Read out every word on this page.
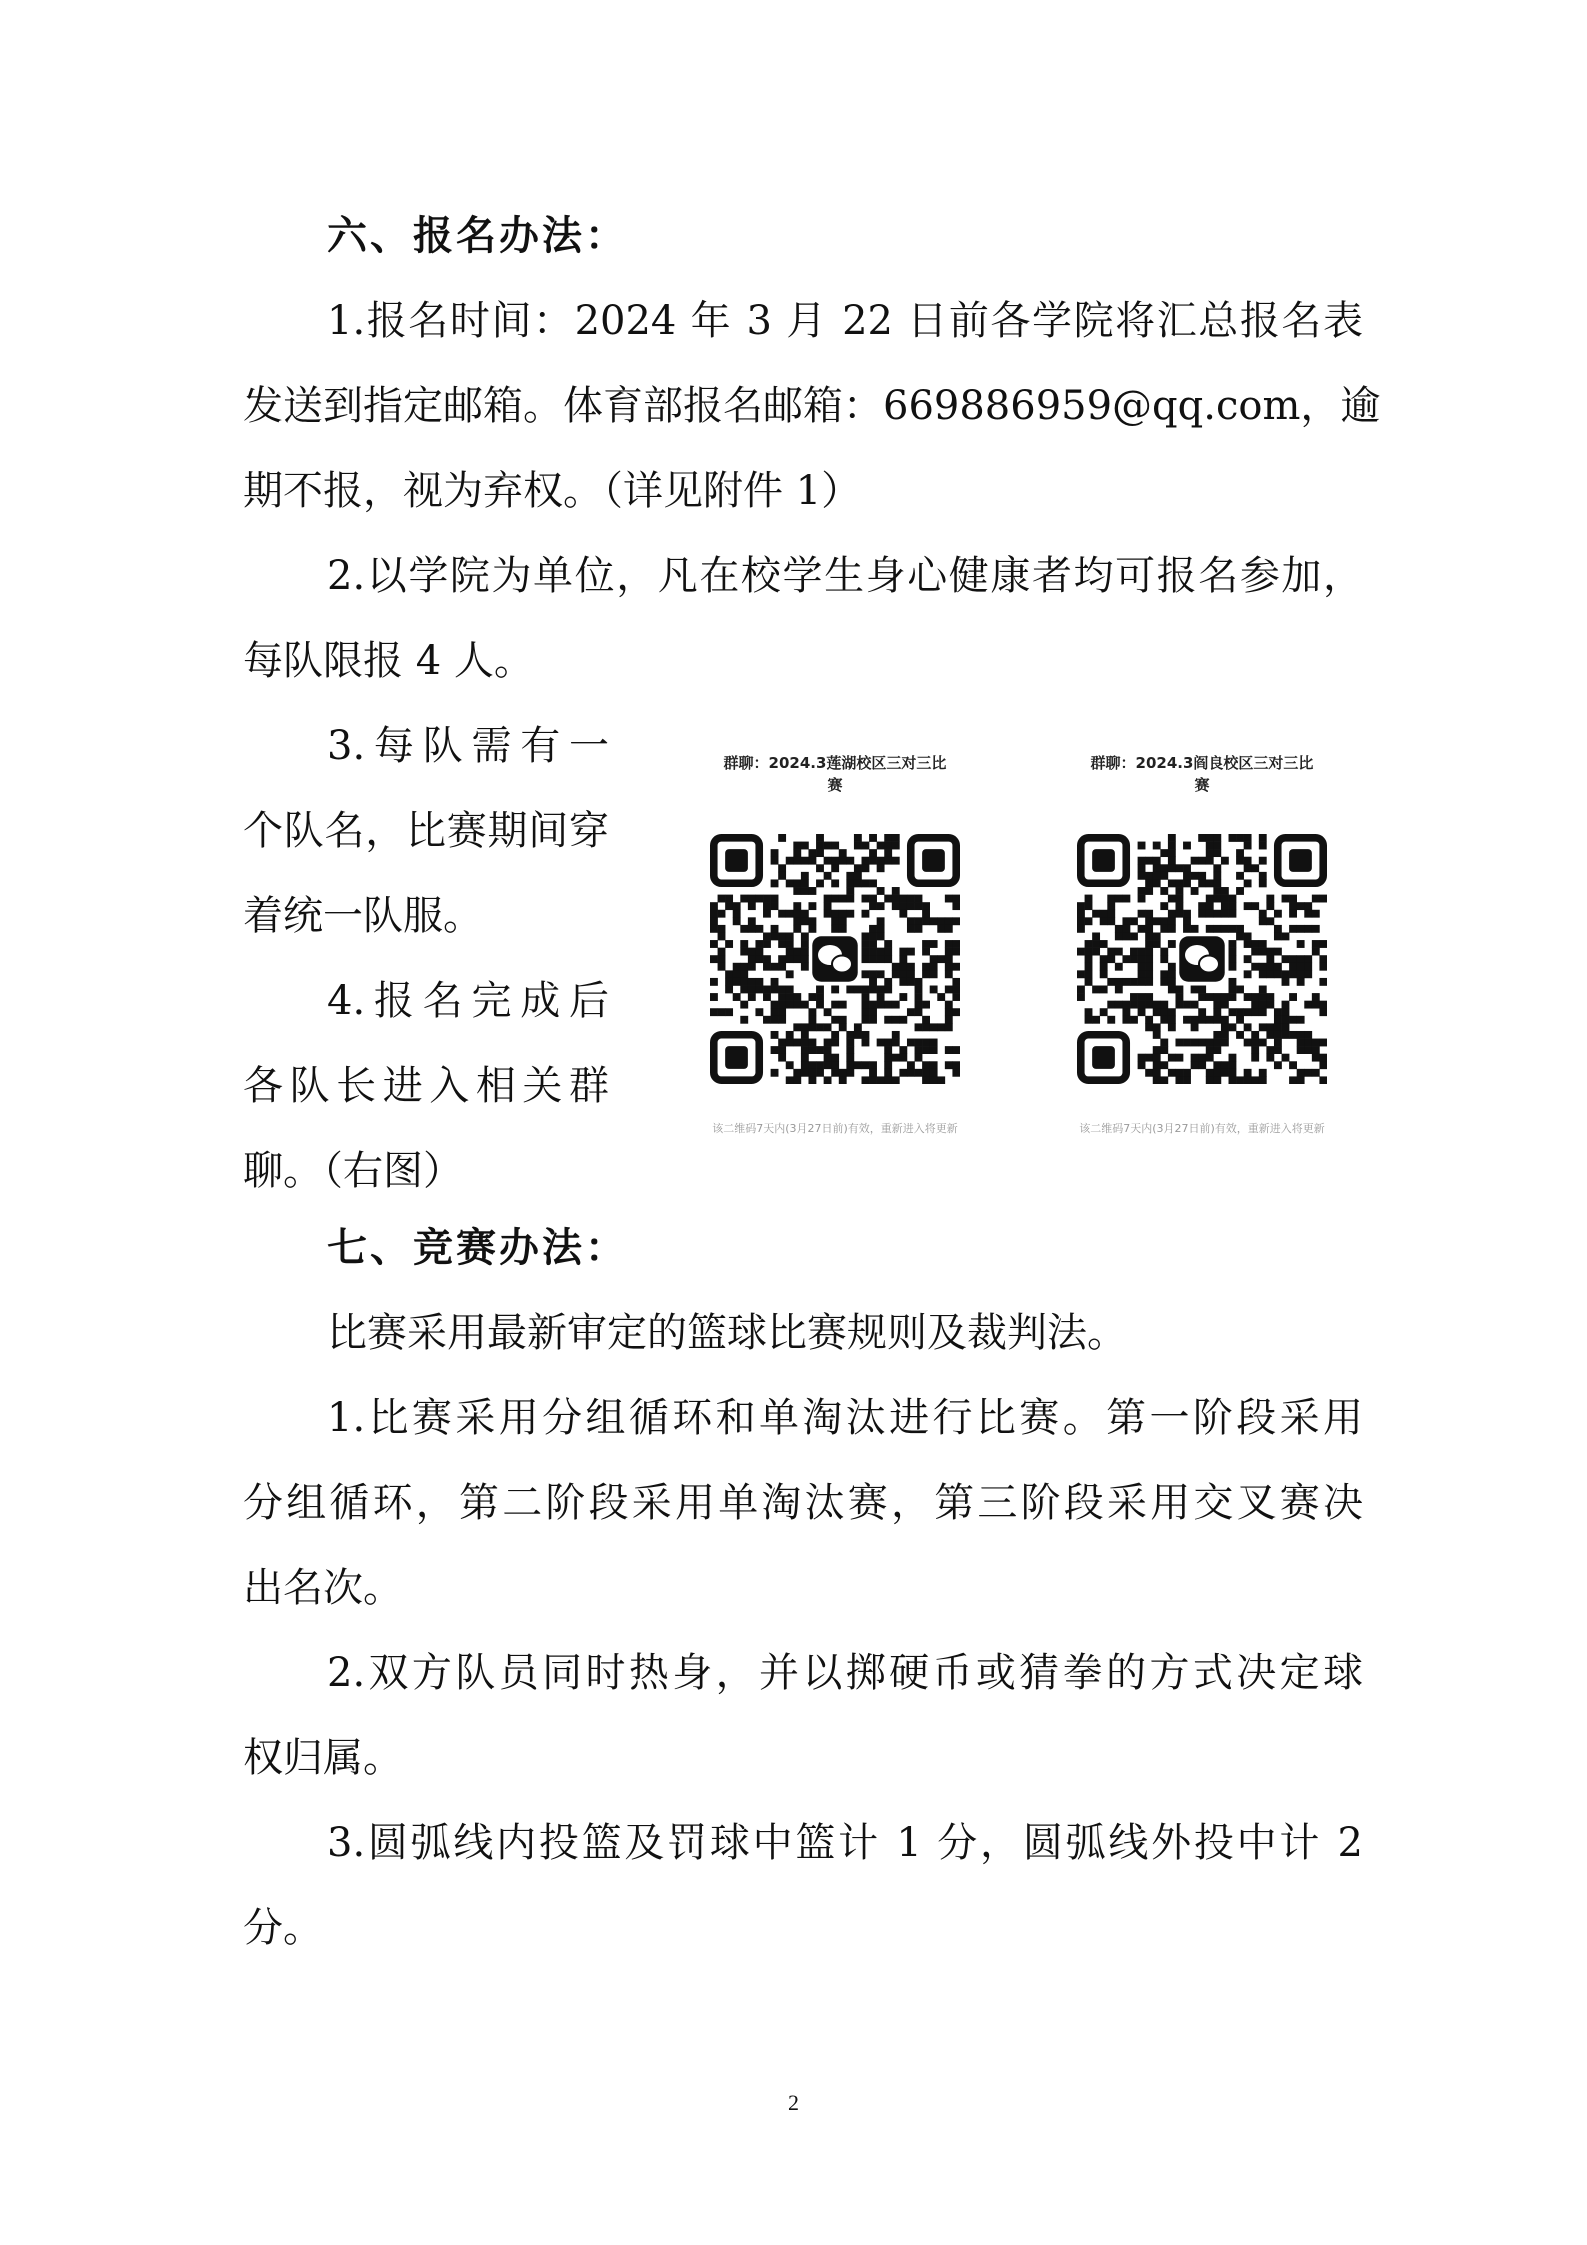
六、报名办法：
1.报名时间：2024 年 3 月 22 日前各学院将汇总报名表
发送到指定邮箱。体育部报名邮箱：669886959@qq.com，逾
期不报，视为弃权。（详见附件 1）
2.以学院为单位，凡在校学生身心健康者均可报名参加，
每队限报 4 人。
3.每队需有一
个队名，比赛期间穿
着统一队服。
4.报名完成后
各队长进入相关群
聊。（右图）
群聊：2024.3莲湖校区三对三比
赛
该二维码7天内(3月27日前)有效，重新进入将更新
群聊：2024.3阎良校区三对三比
赛
该二维码7天内(3月27日前)有效，重新进入将更新
七、竞赛办法：
比赛采用最新审定的篮球比赛规则及裁判法。
1.比赛采用分组循环和单淘汰进行比赛。第一阶段采用
分组循环，第二阶段采用单淘汰赛，第三阶段采用交叉赛决
出名次。
2.双方队员同时热身，并以掷硬币或猜拳的方式决定球
权归属。
3.圆弧线内投篮及罚球中篮计 1 分，圆弧线外投中计 2
分。
2
